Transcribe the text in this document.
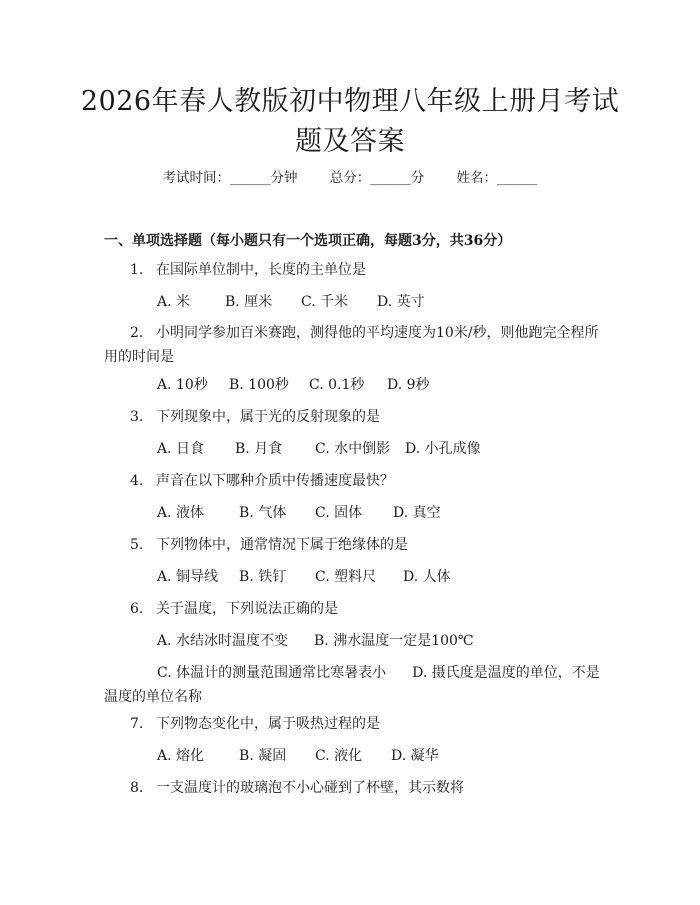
2026年春人教版初中物理八年级上册月考试题及答案
考试时间：______分钟 总分：______分 姓名：______
一、单项选择题（每小题只有一个选项正确，每题3分，共36分）
1. 在国际单位制中，长度的主单位是
A. 米 B. 厘米 C. 千米 D. 英寸
2. 小明同学参加百米赛跑，测得他的平均速度为10米/秒，则他跑完全程所用的时间是
A. 10秒 B. 100秒 C. 0.1秒 D. 9秒
3. 下列现象中，属于光的反射现象的是
A. 日食 B. 月食 C. 水中倒影 D. 小孔成像
4. 声音在以下哪种介质中传播速度最快？
A. 液体 B. 气体 C. 固体 D. 真空
5. 下列物体中，通常情况下属于绝缘体的是
A. 铜导线 B. 铁钉 C. 塑料尺 D. 人体
6. 关于温度，下列说法正确的是
A. 水结冰时温度不变 B. 沸水温度一定是100℃
C. 体温计的测量范围通常比寒暑表小 D. 摄氏度是温度的单位，不是温度的单位名称
7. 下列物态变化中，属于吸热过程的是
A. 熔化 B. 凝固 C. 液化 D. 凝华
8. 一支温度计的玻璃泡不小心碰到了杯壁，其示数将
